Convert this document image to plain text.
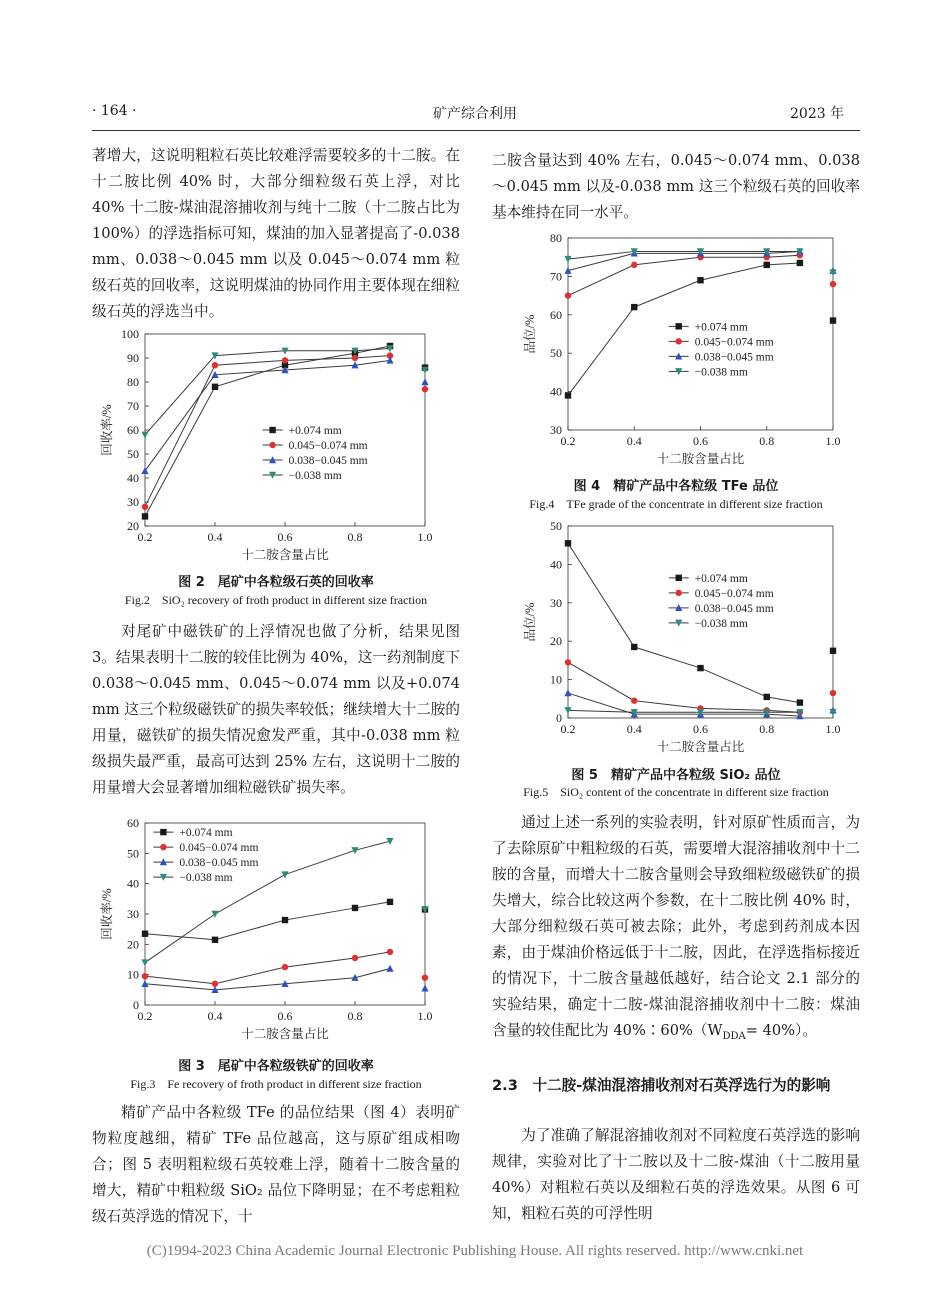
· 164 ·	矿产综合利用	2023 年

著增大，这说明粗粒石英比较难浮需要较多的十二胺。在十二胺比例 40% 时，大部分细粒级石英上浮，对比 40% 十二胺-煤油混溶捕收剂与纯十二胺（十二胺占比为 100%）的浮选指标可知，煤油的加入显著提高了-0.038 mm、0.038～0.045 mm 以及 0.045～0.074 mm 粒级石英的回收率，这说明煤油的协同作用主要体现在细粒级石英的浮选当中。

20
30
40
50
60
70
80
90
100
0.2	0.4	0.6	0.8	1.0
十二胺含量占比
回收率/%	+0.074 mm
0.045−0.074 mm
0.038−0.045 mm
−0.038 mm
图 2　尾矿中各粒级石英的回收率
Fig.2　SiO₂ recovery of froth product in different size fraction

对尾矿中磁铁矿的上浮情况也做了分析，结果见图 3。结果表明十二胺的较佳比例为 40%，这一药剂制度下 0.038～0.045 mm、0.045～0.074 mm 以及+0.074 mm 这三个粒级磁铁矿的损失率较低；继续增大十二胺的用量，磁铁矿的损失情况愈发严重，其中-0.038 mm 粒级损失最严重，最高可达到 25% 左右，这说明十二胺的用量增大会显著增加细粒磁铁矿损失率。

0
10
20
30
40
50
60
0.2	0.4	0.6	0.8	1.0
十二胺含量占比
回收率/%
+0.074 mm
0.045−0.074 mm
0.038−0.045 mm
−0.038 mm
图 3　尾矿中各粒级铁矿的回收率
Fig.3　Fe recovery of froth product in different size fraction

精矿产品中各粒级 TFe 的品位结果（图 4）表明矿物粒度越细，精矿 TFe 品位越高，这与原矿组成相吻合；图 5 表明粗粒级石英较难上浮，随着十二胺含量的增大，精矿中粗粒级 SiO₂ 品位下降明显；在不考虑粗粒级石英浮选的情况下，十

二胺含量达到 40% 左右，0.045～0.074 mm、0.038～0.045 mm 以及-0.038 mm 这三个粒级石英的回收率基本维持在同一水平。

30
40
50
60
70
80
0.2	0.4	0.6	0.8	1.0
十二胺含量占比
品位/%	+0.074 mm
0.045−0.074 mm
0.038−0.045 mm
−0.038 mm
图 4　精矿产品中各粒级 TFe 品位
Fig.4　TFe grade of the concentrate in different size fraction
0
10
20
30
40
50
0.2	0.4	0.6	0.8	1.0
十二胺含量占比
品位/%
+0.074 mm
0.045−0.074 mm
0.038−0.045 mm
−0.038 mm
图 5　精矿产品中各粒级 SiO₂ 品位
Fig.5　SiO₂ content of the concentrate in different size fraction

通过上述一系列的实验表明，针对原矿性质而言，为了去除原矿中粗粒级的石英，需要增大混溶捕收剂中十二胺的含量，而增大十二胺含量则会导致细粒级磁铁矿的损失增大，综合比较这两个参数，在十二胺比例 40% 时，大部分细粒级石英可被去除；此外，考虑到药剂成本因素，由于煤油价格远低于十二胺，因此，在浮选指标接近的情况下，十二胺含量越低越好，结合论文 2.1 部分的实验结果，确定十二胺-煤油混溶捕收剂中十二胺：煤油含量的较佳配比为 $40\%∶60\%(W_{DDA}= 40\%)$。

2.3　十二胺-煤油混溶捕收剂对石英浮选行为的影响

为了准确了解混溶捕收剂对不同粒度石英浮选的影响规律，实验对比了十二胺以及十二胺-煤油（十二胺用量 40%）对粗粒石英以及细粒石英的浮选效果。从图 6 可知，粗粒石英的可浮性明

(C)1994-2023 China Academic Journal Electronic Publishing House. All rights reserved. http://www.cnki.net
